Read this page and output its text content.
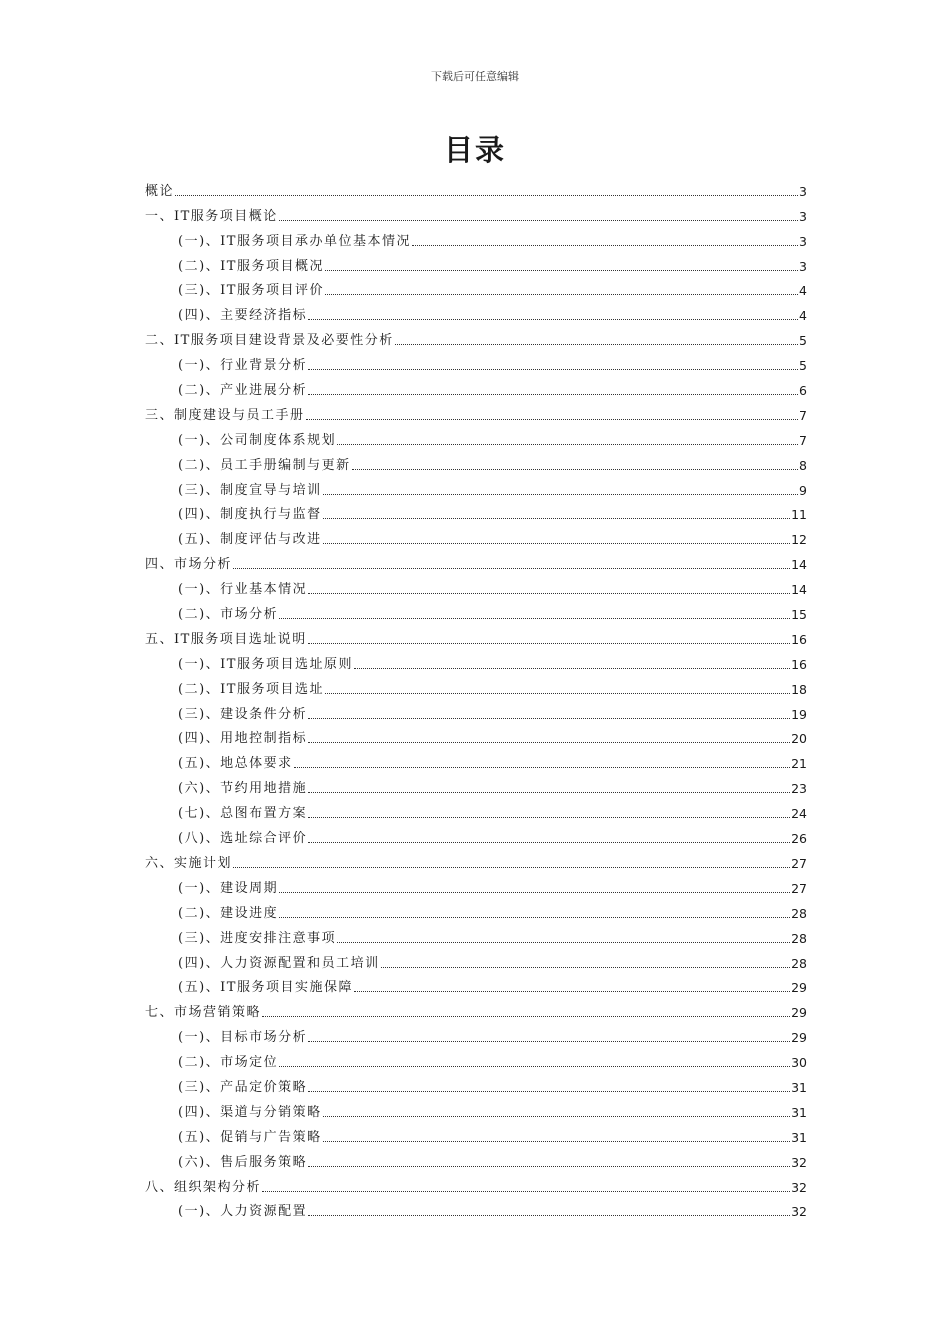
下载后可任意编辑
目录
概论	3
一、IT服务项目概论	3
(一)、IT服务项目承办单位基本情况	3
(二)、IT服务项目概况	3
(三)、IT服务项目评价	4
(四)、主要经济指标	4
二、IT服务项目建设背景及必要性分析	5
(一)、行业背景分析	5
(二)、产业进展分析	6
三、制度建设与员工手册	7
(一)、公司制度体系规划	7
(二)、员工手册编制与更新	8
(三)、制度宣导与培训	9
(四)、制度执行与监督	11
(五)、制度评估与改进	12
四、市场分析	14
(一)、行业基本情况	14
(二)、市场分析	15
五、IT服务项目选址说明	16
(一)、IT服务项目选址原则	16
(二)、IT服务项目选址	18
(三)、建设条件分析	19
(四)、用地控制指标	20
(五)、地总体要求	21
(六)、节约用地措施	23
(七)、总图布置方案	24
(八)、选址综合评价	26
六、实施计划	27
(一)、建设周期	27
(二)、建设进度	28
(三)、进度安排注意事项	28
(四)、人力资源配置和员工培训	28
(五)、IT服务项目实施保障	29
七、市场营销策略	29
(一)、目标市场分析	29
(二)、市场定位	30
(三)、产品定价策略	31
(四)、渠道与分销策略	31
(五)、促销与广告策略	31
(六)、售后服务策略	32
八、组织架构分析	32
(一)、人力资源配置	32
